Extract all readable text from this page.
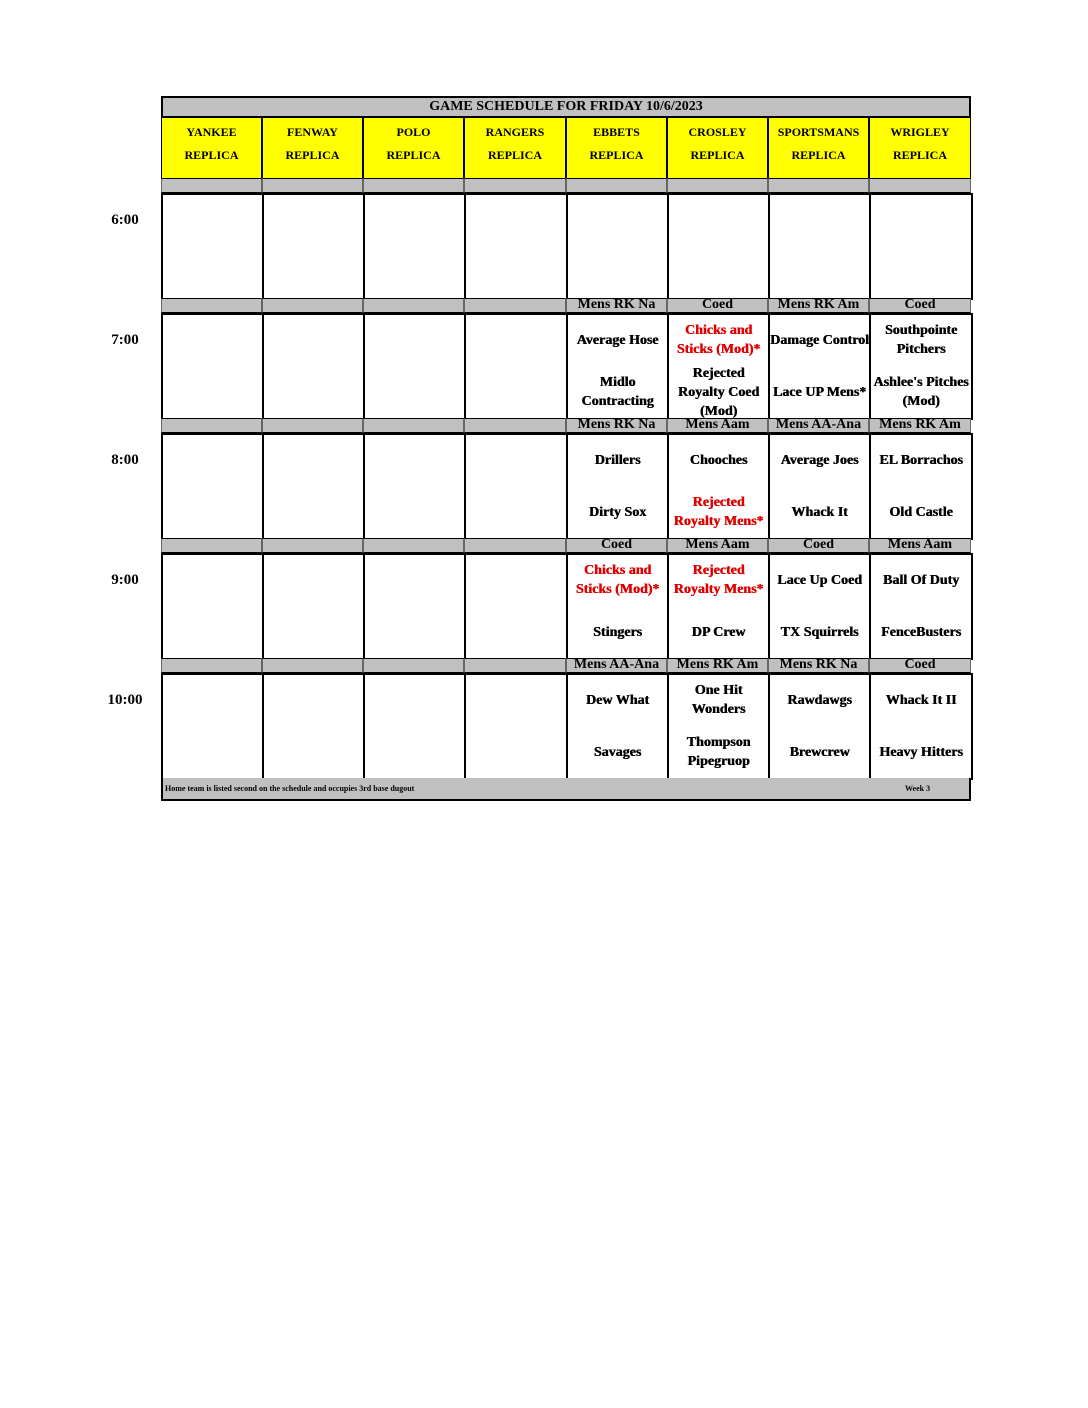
GAME SCHEDULE FOR FRIDAY 10/6/2023
YANKEE
REPLICA
FENWAY
REPLICA
POLO
REPLICA
RANGERS
REPLICA
EBBETS
REPLICA
CROSLEY
REPLICA
SPORTSMANS
REPLICA
WRIGLEY
REPLICA
6:00
7:00
Mens RK Na
Average Hose
Midlo Contracting
Coed
Chicks and Sticks (Mod)*
Rejected Royalty Coed (Mod)
Mens RK Am
Damage Control
Lace UP Mens*
Coed
Southpointe Pitchers
Ashlee's Pitches (Mod)
8:00
Mens RK Na
Drillers
Dirty Sox
Mens Aam
Chooches
Rejected Royalty Mens*
Mens AA-Ana
Average Joes
Whack It
Mens RK Am
EL Borrachos
Old Castle
9:00
Coed
Chicks and Sticks (Mod)*
Stingers
Mens Aam
Rejected Royalty Mens*
DP Crew
Coed
Lace Up Coed
TX Squirrels
Mens Aam
Ball Of Duty
FenceBusters
10:00
Mens AA-Ana
Dew What
Savages
Mens RK Am
One Hit Wonders
Thompson Pipegruop
Mens RK Na
Rawdawgs
Brewcrew
Coed
Whack It II
Heavy Hitters
Home team is listed second on the schedule and occupies 3rd base dugout	Week 3
